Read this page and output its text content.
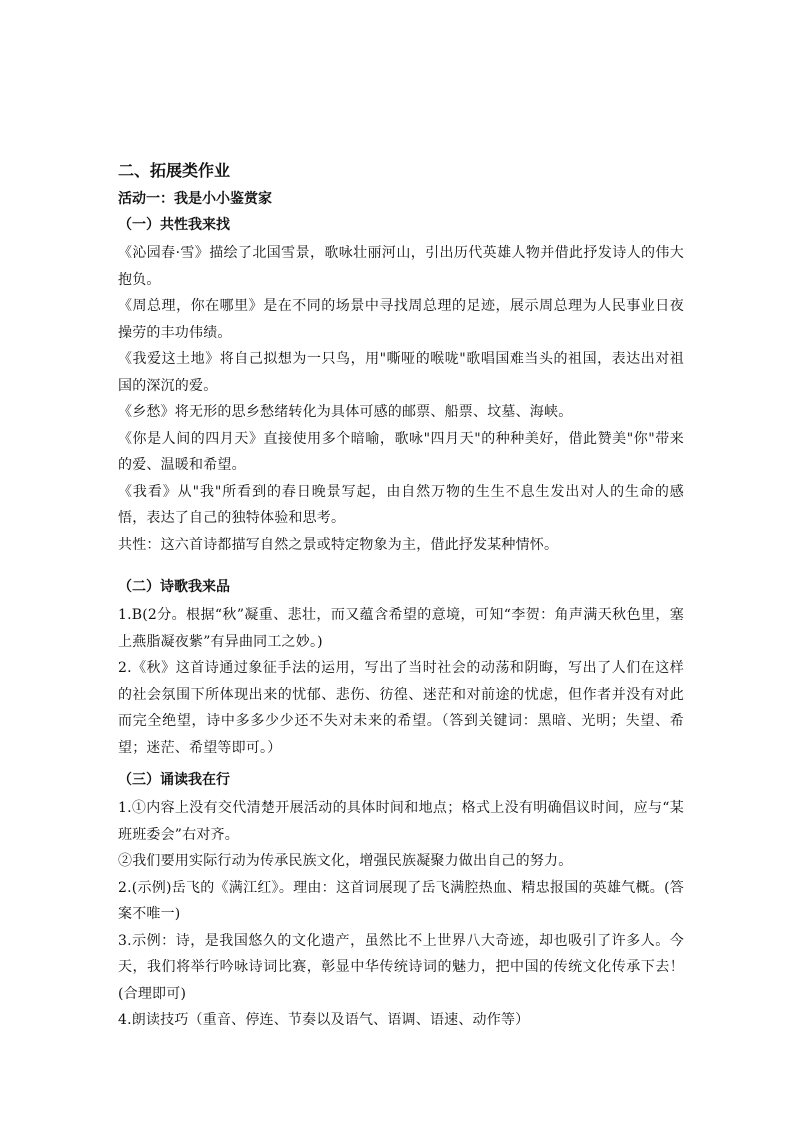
二、拓展类作业
活动一：我是小小鉴赏家
（一）共性我来找

《沁园春·雪》描绘了北国雪景，歌咏壮丽河山，引出历代英雄人物并借此抒发诗人的伟大抱负。

《周总理，你在哪里》是在不同的场景中寻找周总理的足迹，展示周总理为人民事业日夜操劳的丰功伟绩。

《我爱这土地》将自己拟想为一只鸟，用"嘶哑的喉咙"歌唱国难当头的祖国，表达出对祖国的深沉的爱。

《乡愁》将无形的思乡愁绪转化为具体可感的邮票、船票、坟墓、海峡。

《你是人间的四月天》直接使用多个暗喻，歌咏"四月天"的种种美好，借此赞美"你"带来的爱、温暖和希望。

《我看》从"我"所看到的春日晚景写起，由自然万物的生生不息生发出对人的生命的感悟，表达了自己的独特体验和思考。

共性：这六首诗都描写自然之景或特定物象为主，借此抒发某种情怀。

（二）诗歌我来品

1.B(2分。根据“秋”凝重、悲壮，而又蕴含希望的意境，可知“李贺：角声满天秋色里，塞上燕脂凝夜紫”有异曲同工之妙。)

2.《秋》这首诗通过象征手法的运用，写出了当时社会的动荡和阴晦，写出了人们在这样的社会氛围下所体现出来的忧郁、悲伤、彷徨、迷茫和对前途的忧虑，但作者并没有对此而完全绝望，诗中多多少少还不失对未来的希望。（答到关键词：黑暗、光明；失望、希望；迷茫、希望等即可。）

（三）诵读我在行

1.①内容上没有交代清楚开展活动的具体时间和地点；格式上没有明确倡议时间，应与“某班班委会”右对齐。

②我们要用实际行动为传承民族文化，增强民族凝聚力做出自己的努力。

2.(示例)岳飞的《满江红》。理由：这首词展现了岳飞满腔热血、精忠报国的英雄气概。(答案不唯一)

3.示例：诗，是我国悠久的文化遗产，虽然比不上世界八大奇迹，却也吸引了许多人。今天，我们将举行吟咏诗词比赛，彰显中华传统诗词的魅力，把中国的传统文化传承下去！(合理即可)

4.朗读技巧（重音、停连、节奏以及语气、语调、语速、动作等）
